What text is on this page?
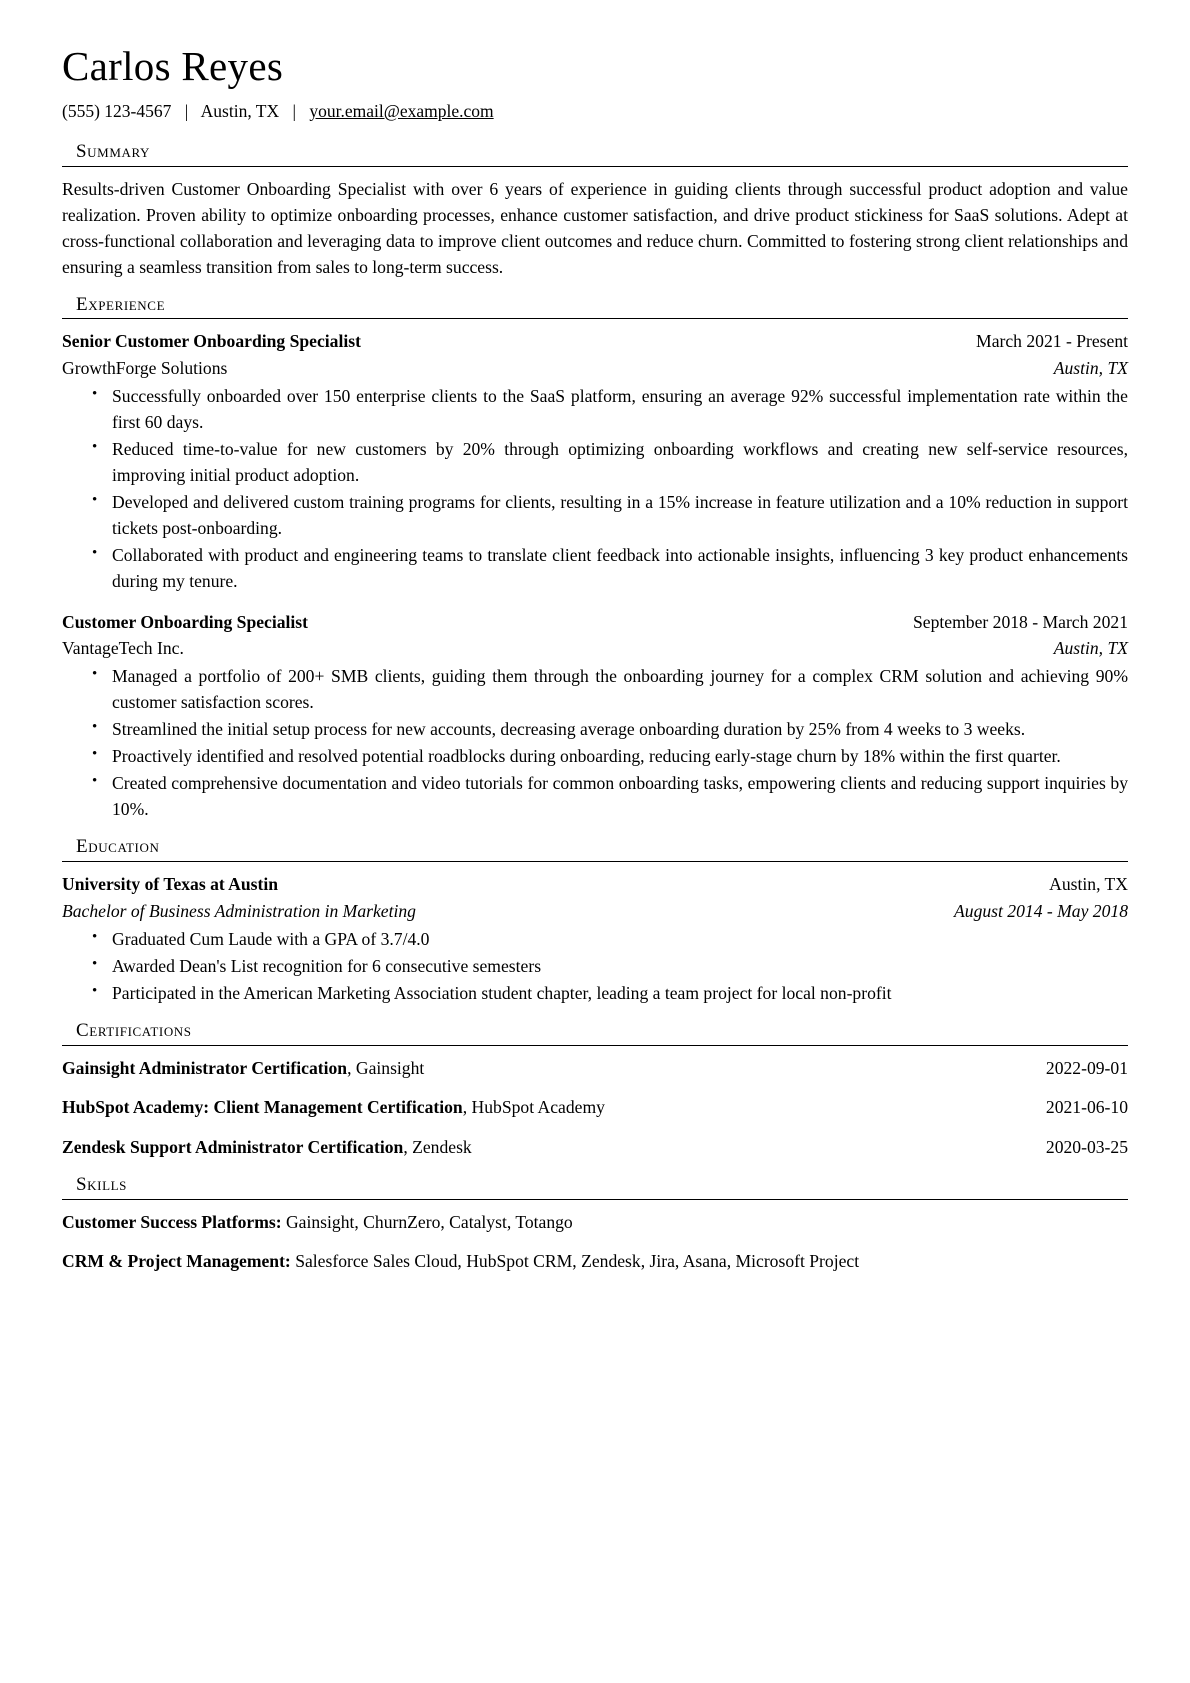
Carlos Reyes
(555) 123-4567 | Austin, TX | your.email@example.com
Summary

Results-driven Customer Onboarding Specialist with over 6 years of experience in guiding clients through successful product adoption and value realization. Proven ability to optimize onboarding processes, enhance customer satisfaction, and drive product stickiness for SaaS solutions. Adept at cross-functional collaboration and leveraging data to improve client outcomes and reduce churn. Committed to fostering strong client relationships and ensuring a seamless transition from sales to long-term success.

Experience
Senior Customer Onboarding Specialist	March 2021 - Present
GrowthForge Solutions	Austin, TX
• Successfully onboarded over 150 enterprise clients to the SaaS platform, ensuring an average 92% successful implementation rate within the first 60 days.
• Reduced time-to-value for new customers by 20% through optimizing onboarding workflows and creating new self-service resources, improving initial product adoption.
• Developed and delivered custom training programs for clients, resulting in a 15% increase in feature utilization and a 10% reduction in support tickets post-onboarding.
• Collaborated with product and engineering teams to translate client feedback into actionable insights, influencing 3 key product enhancements during my tenure.
Customer Onboarding Specialist	September 2018 - March 2021
VantageTech Inc.	Austin, TX
• Managed a portfolio of 200+ SMB clients, guiding them through the onboarding journey for a complex CRM solution and achieving 90% customer satisfaction scores.
• Streamlined the initial setup process for new accounts, decreasing average onboarding duration by 25% from 4 weeks to 3 weeks.
• Proactively identified and resolved potential roadblocks during onboarding, reducing early-stage churn by 18% within the first quarter.
• Created comprehensive documentation and video tutorials for common onboarding tasks, empowering clients and reducing support inquiries by 10%.
Education
University of Texas at Austin	Austin, TX
Bachelor of Business Administration in Marketing	August 2014 - May 2018
• Graduated Cum Laude with a GPA of 3.7/4.0
• Awarded Dean's List recognition for 6 consecutive semesters
• Participated in the American Marketing Association student chapter, leading a team project for local non-profit
Certifications
Gainsight Administrator Certification, Gainsight	2022-09-01
HubSpot Academy: Client Management Certification, HubSpot Academy	2021-06-10
Zendesk Support Administrator Certification, Zendesk	2020-03-25
Skills
Customer Success Platforms: Gainsight, ChurnZero, Catalyst, Totango
CRM & Project Management: Salesforce Sales Cloud, HubSpot CRM, Zendesk, Jira, Asana, Microsoft Project
